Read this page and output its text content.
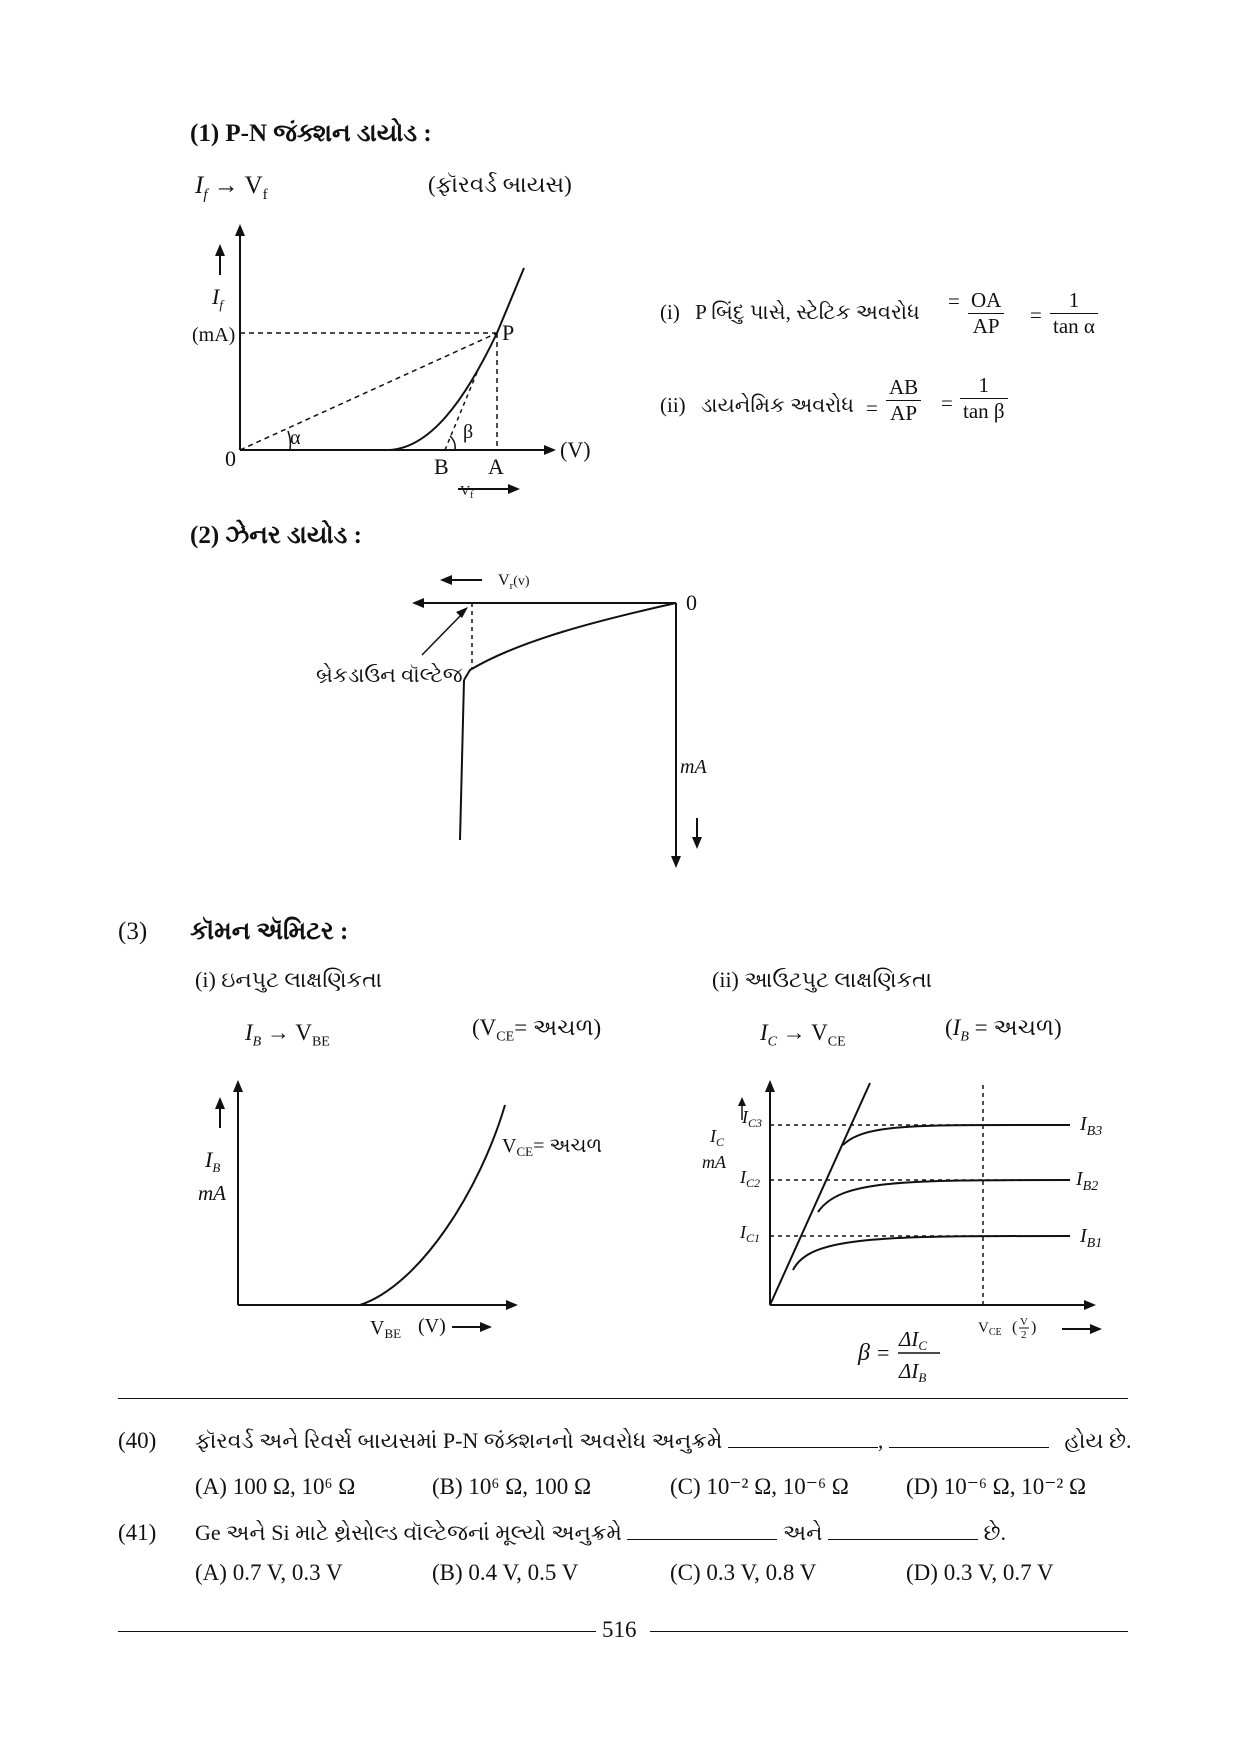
(1) P-N જંક્શન ડાયોડ :
$I_f \to V_f$	(ફૉરવર્ડ બાયસ)
$I_f$
(mA)
0
α	β
P
B A
(V)
$V_f$
(i) P બિંદુ પાસે, સ્ટેટિક અવરોધ = $\frac{OA}{AP} = \frac{1}{\text{tan α}}$
(ii) ડાયનેમિક અવરોધ = $\frac{AB}{AP} = \frac{1}{\text{tan β}}$
(2) ઝેનર ડાયોડ :
$V_r(v)$
0
mA
બ્રેકડાઉન વૉલ્ટેજ
(3) કૉમન ઍમિટર :
(i) ઇનપુટ લાક્ષણિકતા	(ii) આઉટપુટ લાક્ષણિકતા
$I_B \to V_{BE}$
($V_{CE}=$ અચળ)	$I_C \to V_{CE}$
($I_B$ = અચળ)
$I_B$
mA
$V_{CE}=$ અચળ
$V_{BE}$ (V)
$I_C$
mA
$I_{C3}$
$I_{C2}$
$I_{C1}$
$I_{B3}$
$I_{B2}$
$I_{B1}$
$V_{CE}$ ( V
2 )
β =
ΔIC
ΔIB
(40) ફૉરવર્ડ અને રિવર્સ બાયસમાં P-N જંક્શનનો અવરોધ અનુક્રમે	,	હોય છે.
(A) 100 Ω, 10⁶ Ω	(B) 10⁶ Ω, 100 Ω	(C) 10⁻² Ω, 10⁻⁶ Ω (D) 10⁻⁶ Ω, 10⁻² Ω
(41) Ge અને Si માટે થ્રેસોલ્ડ વૉલ્ટેજનાં મૂલ્યો અનુક્રમે	અને	છે.
(A) 0.7 V, 0.3 V	(B) 0.4 V, 0.5 V	(C) 0.3 V, 0.8 V	(D) 0.3 V, 0.7 V
516
